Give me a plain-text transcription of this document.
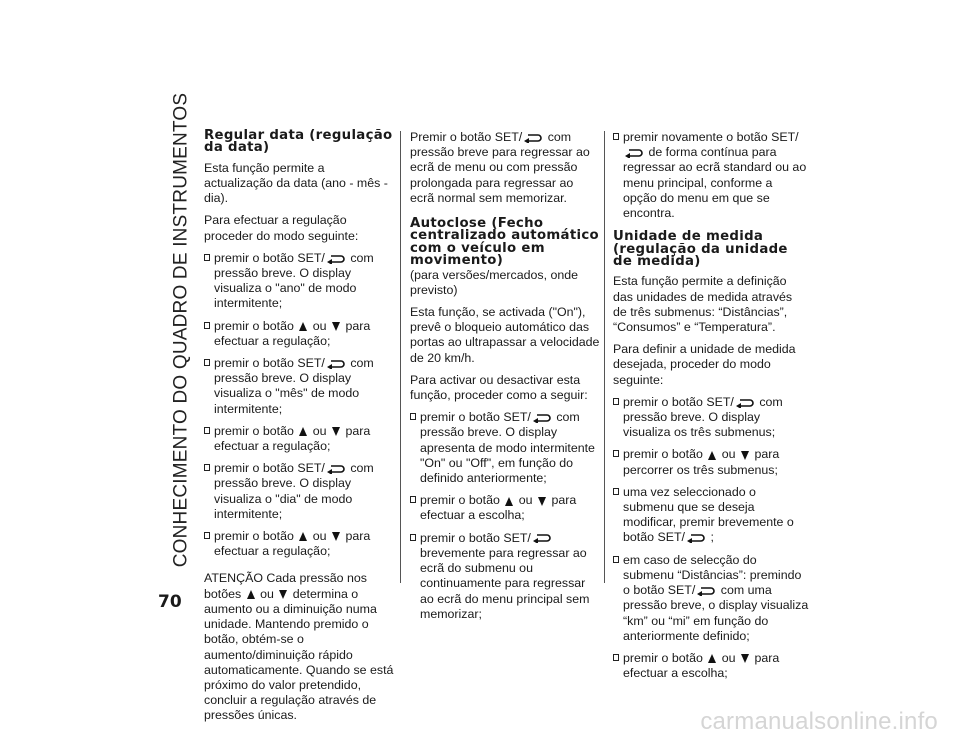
CONHECIMENTO DO QUADRO DE INSTRUMENTOS Regular data (regulação da data)

Esta função permite a actualização da data (ano - mês - dia).

Para efectuar a regulação proceder do modo seguinte:

premir o botão SET/
com pressão breve. O display visualiza o "ano" de modo intermitente;
premir o botão  ou  para efectuar a regulação;
premir o botão SET/
com pressão breve. O display visualiza o "mês" de modo intermitente;
premir o botão  ou  para efectuar a regulação;
premir o botão SET/
com pressão breve. O display visualiza o "dia" de modo intermitente;
premir o botão  ou  para efectuar a regulação;

ATENÇÃO Cada pressão nos botões  ou  determina o aumento ou a diminuição numa unidade. Mantendo premido o botão, obtém-se o aumento/diminuição rápido automaticamente. Quando se está próximo do valor pretendido, concluir a regulação através de pressões únicas.

Premir o botão SET/
com pressão breve para regressar ao ecrã de menu ou com pressão prolongada para regressar ao ecrã normal sem memorizar.

Autoclose (Fecho centralizado automático com o veículo em movimento)

(para versões/mercados, onde previsto)

Esta função, se activada ("On"), prevê o bloqueio automático das portas ao ultrapassar a velocidade de 20 km/h.

Para activar ou desactivar esta função, proceder como a seguir:

premir o botão SET/
com pressão breve. O display apresenta de modo intermitente "On" ou "Off", em função do definido anteriormente;
premir o botão  ou  para efectuar a escolha;
premir o botão SET/
brevemente para regressar ao ecrã do submenu ou continuamente para regressar ao ecrã do menu principal sem memorizar;
premir novamente o botão SET/
de forma contínua para regressar ao ecrã standard ou ao menu principal, conforme a opção do menu em que se encontra.
Unidade de medida (regulação da unidade de medida)

Esta função permite a definição das unidades de medida através de três submenus: “Distâncias”, “Consumos” e “Temperatura”.

Para definir a unidade de medida desejada, proceder do modo seguinte:

premir o botão SET/
com pressão breve. O display visualiza os três submenus;
premir o botão  ou  para percorrer os três submenus;
uma vez seleccionado o submenu que se deseja modificar, premir brevemente o botão SET/
;
em caso de selecção do submenu “Distâncias”: premindo o botão SET/
com uma pressão breve, o display visualiza “km” ou “mi” em função do anteriormente definido;
premir o botão  ou  para efectuar a escolha;
70
carmanualsonline.info
